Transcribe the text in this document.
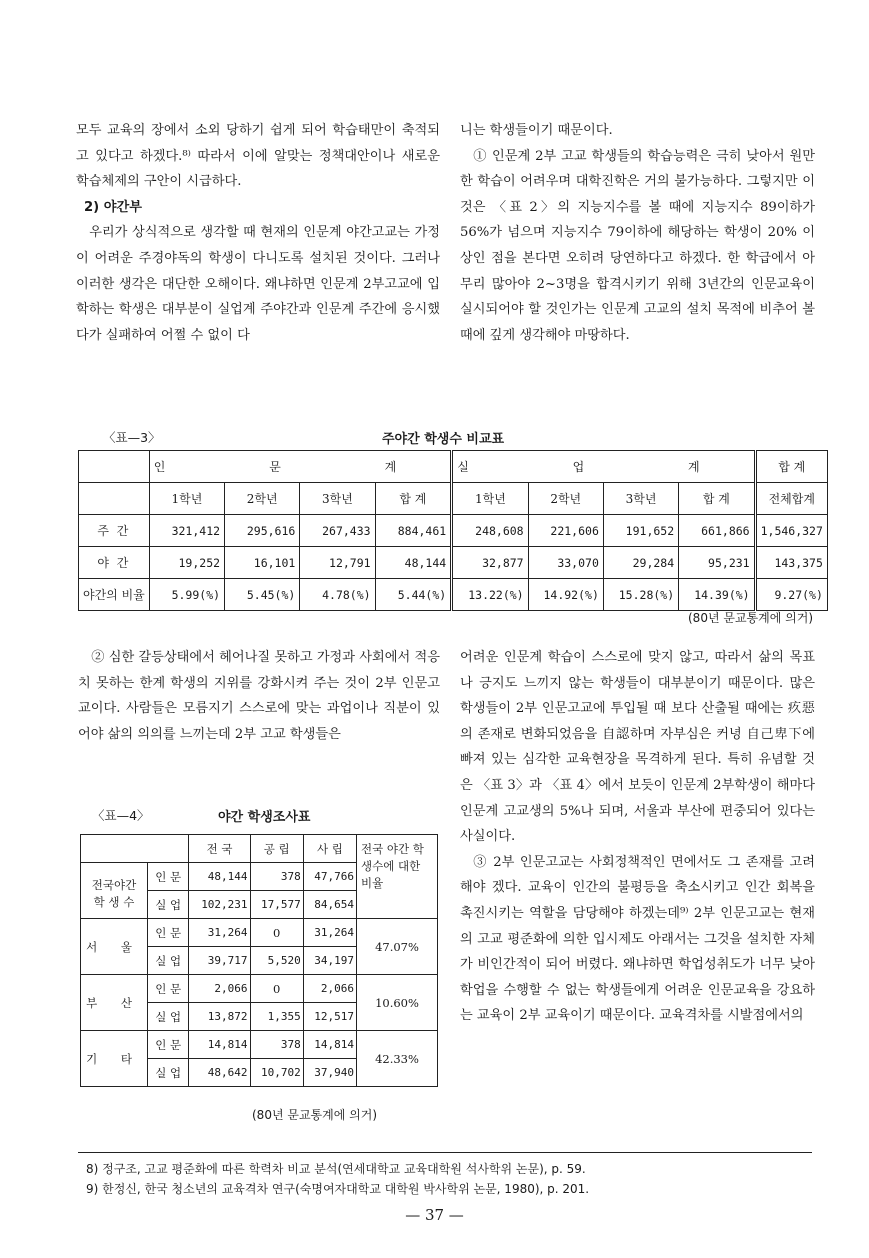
모두 교육의 장에서 소외 당하기 쉽게 되어 학습태만이 축적되고 있다고 하겠다.⁸⁾ 따라서 이에 알맞는 정책대안이나 새로운 학습체제의 구안이 시급하다.

2) 야간부

우리가 상식적으로 생각할 때 현재의 인문계 야간고교는 가정이 어려운 주경야독의 학생이 다니도록 설치된 것이다. 그러나 이러한 생각은 대단한 오해이다. 왜냐하면 인문계 2부고교에 입학하는 학생은 대부분이 실업계 주야간과 인문계 주간에 응시했다가 실패하여 어쩔 수 없이 다

니는 학생들이기 때문이다.

① 인문계 2부 고교 학생들의 학습능력은 극히 낮아서 원만한 학습이 어려우며 대학진학은 거의 불가능하다. 그렇지만 이것은 〈표 2〉의 지능지수를 볼 때에 지능지수 89이하가 56%가 넘으며 지능지수 79이하에 해당하는 학생이 20% 이상인 점을 본다면 오히려 당연하다고 하겠다. 한 학급에서 아무리 많아야 2~3명을 합격시키기 위해 3년간의 인문교육이 실시되어야 할 것인가는 인문계 고교의 설치 목적에 비추어 볼 때에 깊게 생각해야 마땅하다.

〈표—3〉	주야간 학생수 비교표
	인 문 계				실 업 계				합 계
	1학년	2학년	3학년	합 계	1학년	2학년	3학년	합 계	전체합계
주 간	321,412	295,616	267,433	884,461	248,608	221,606	191,652	661,866	1,546,327
야 간	19,252	16,101	12,791	48,144	32,877	33,070	29,284	95,231	143,375
야간의 비율	5.99(%)	5.45(%)	4.78(%)	5.44(%)	13.22(%)	14.92(%)	15.28(%)	14.39(%)	9.27(%)
(80년 문교통계에 의거)

② 심한 갈등상태에서 헤어나질 못하고 가정과 사회에서 적응치 못하는 한계 학생의 지위를 강화시켜 주는 것이 2부 인문고교이다. 사람들은 모름지기 스스로에 맞는 과업이나 직분이 있어야 삶의 의의를 느끼는데 2부 고교 학생들은

〈표—4〉	야간 학생조사표
		전 국	공 립	사 립	전국 야간 학생수에 대한 비율
전국야간 학 생 수	인 문	48,144	378	47,766	
	실 업	102,231	17,577	84,654	
서 울	인 문	31,264	0	31,264	47.07%
	실 업	39,717	5,520	34,197	
부 산	인 문	2,066	0	2,066	10.60%
	실 업	13,872	1,355	12,517	
기 타	인 문	14,814	378	14,814	42.33%
	실 업	48,642	10,702	37,940	
(80년 문교통계에 의거)

어려운 인문계 학습이 스스로에 맞지 않고, 따라서 삶의 목표나 긍지도 느끼지 않는 학생들이 대부분이기 때문이다. 많은 학생들이 2부 인문고교에 투입될 때 보다 산출될 때에는 疚惡의 존재로 변화되었음을 自認하며 자부심은 커녕 自己卑下에 빠져 있는 심각한 교육현장을 목격하게 된다. 특히 유념할 것은 〈표 3〉과 〈표 4〉에서 보듯이 인문계 2부학생이 해마다 인문계 고교생의 5%나 되며, 서울과 부산에 편중되어 있다는 사실이다.

③ 2부 인문고교는 사회정책적인 면에서도 그 존재를 고려해야 겠다. 교육이 인간의 불평등을 축소시키고 인간 회복을 촉진시키는 역할을 담당해야 하겠는데⁹⁾ 2부 인문고교는 현재의 고교 평준화에 의한 입시제도 아래서는 그것을 설치한 자체가 비인간적이 되어 버렸다. 왜냐하면 학업성취도가 너무 낮아 학업을 수행할 수 없는 학생들에게 어려운 인문교육을 강요하는 교육이 2부 교육이기 때문이다. 교육격차를 시발점에서의

8) 정구조, 고교 평준화에 따른 학력차 비교 분석(연세대학교 교육대학원 석사학위 논문), p. 59.
9) 한정신, 한국 청소년의 교육격차 연구(숙명여자대학교 대학원 박사학위 논문, 1980), p. 201.
— 37 —
